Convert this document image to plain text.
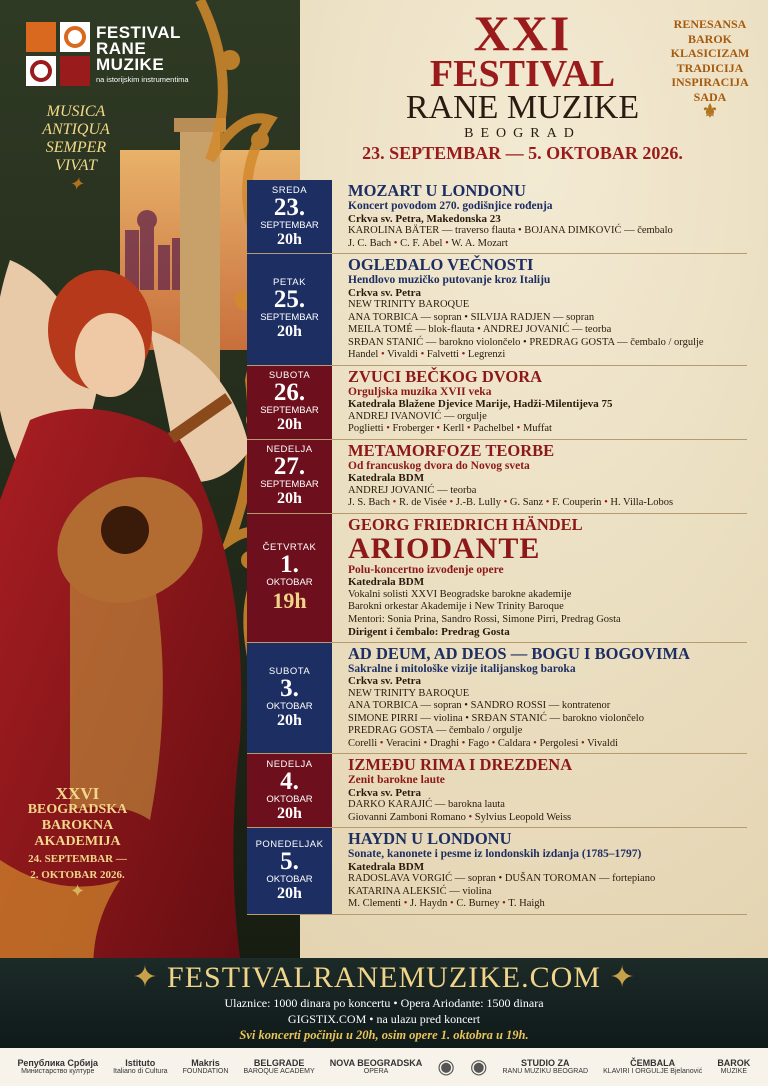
FESTIVAL
RANE
MUZIKE
na istorijskim instrumentima
MUSICA
ANTIQUA
SEMPER
VIVAT
✦
XXI
FESTIVAL
RANE MUZIKE
BEOGRAD
23. SEPTEMBAR — 5. OKTOBAR 2026.
RENESANSA
BAROK
KLASICIZAM
TRADICIJA
INSPIRACIJA
SADA
⚜
SREDA
23.
SEPTEMBAR
20h
MOZART U LONDONU
Koncert povodom 270. godišnjice rođenja
Crkva sv. Petra, Makedonska 23
KAROLINA BÄTER — traverso flauta • BOJANA DIMKOVIĆ — čembalo
J. C. Bach • C. F. Abel • W. A. Mozart
PETAK
25.
SEPTEMBAR
20h
OGLEDALO VEČNOSTI
Hendlovo muzičko putovanje kroz Italiju
Crkva sv. Petra
NEW TRINITY BAROQUE
ANA TORBICA — sopran • SILVIJA RADJEN — sopran
MEILA TOMÉ — blok-flauta • ANDREJ JOVANIĆ — teorba
SRĐAN STANIĆ — barokno violončelo • PREDRAG GOSTA — čembalo / orgulje
Handel • Vivaldi • Falvetti • Legrenzi
SUBOTA
26.
SEPTEMBAR
20h
ZVUCI BEČKOG DVORA
Orguljska muzika XVII veka
Katedrala Blažene Djevice Marije, Hadži-Milentijeva 75
ANDREJ IVANOVIĆ — orgulje
Poglietti • Froberger • Kerll • Pachelbel • Muffat
NEDELJA
27.
SEPTEMBAR
20h
METAMORFOZE TEORBE
Od francuskog dvora do Novog sveta
Katedrala BDM
ANDREJ JOVANIĆ — teorba
J. S. Bach • R. de Visée • J.-B. Lully • G. Sanz • F. Couperin • H. Villa-Lobos
ČETVRTAK
1.
OKTOBAR
19h
GEORG FRIEDRICH HÄNDEL
ARIODANTE
Polu-koncertno izvođenje opere
Katedrala BDM
Vokalni solisti XXVI Beogradske barokne akademije
Barokni orkestar Akademije i New Trinity Baroque
Mentori: Sonia Prina, Sandro Rossi, Simone Pirri, Predrag Gosta
Dirigent i čembalo: Predrag Gosta
SUBOTA
3.
OKTOBAR
20h
AD DEUM, AD DEOS — BOGU I BOGOVIMA
Sakralne i mitološke vizije italijanskog baroka
Crkva sv. Petra
NEW TRINITY BAROQUE
ANA TORBICA — sopran • SANDRO ROSSI — kontratenor
SIMONE PIRRI — violina • SRĐAN STANIĆ — barokno violončelo
PREDRAG GOSTA — čembalo / orgulje
Corelli • Veracini • Draghi • Fago • Caldara • Pergolesi • Vivaldi
NEDELJA
4.
OKTOBAR
20h
IZMEĐU RIMA I DREZDENA
Zenit barokne laute
Crkva sv. Petra
DARKO KARAJIĆ — barokna lauta
Giovanni Zamboni Romano • Sylvius Leopold Weiss
PONEDELJAK
5.
OKTOBAR
20h
HAYDN U LONDONU
Sonate, kanonete i pesme iz londonskih izdanja (1785–1797)
Katedrala BDM
RADOSLAVA VORGIĆ — sopran • DUŠAN TOROMAN — fortepiano
KATARINA ALEKSIĆ — violina
M. Clementi • J. Haydn • C. Burney • T. Haigh
XXVI
BEOGRADSKA
BAROKNA
AKADEMIJA
24. SEPTEMBAR —
2. OKTOBAR 2026.
✦
✦ FESTIVALRANEMUZIKE.COM ✦
Ulaznice: 1000 dinara po koncertu • Opera Ariodante: 1500 dinara
GIGSTIX.COM • na ulazu pred koncert
Svi koncerti počinju u 20h, osim opere 1. oktobra u 19h.
Република Србија
Министарство културе
Istituto
Italiano di Cultura
Makris
FOUNDATION
BELGRADE
BAROQUE ACADEMY
NOVA BEOGRADSKA
OPERA	◉ ◉	STUDIO ZA
RANU MUZIKU BEOGRAD
ČEMBALA
KLAVIRI I ORGULJE Bjelanović
BAROK
MUZIKE
